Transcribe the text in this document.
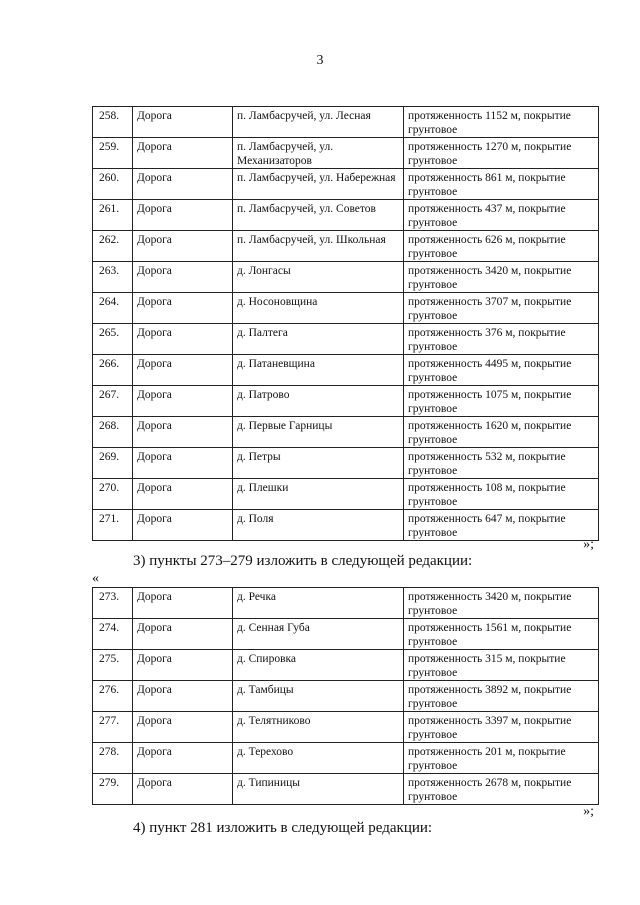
3
258.	Дорога	п. Ламбасручей, ул. Лесная	протяженность 1152 м, покрытие грунтовое
259.	Дорога	п. Ламбасручей, ул. Механизаторов	протяженность 1270 м, покрытие грунтовое
260.	Дорога	п. Ламбасручей, ул. Набережная	протяженность 861 м, покрытие грунтовое
261.	Дорога	п. Ламбасручей, ул. Советов	протяженность 437 м, покрытие грунтовое
262.	Дорога	п. Ламбасручей, ул. Школьная	протяженность 626 м, покрытие грунтовое
263.	Дорога	д. Лонгасы	протяженность 3420 м, покрытие грунтовое
264.	Дорога	д. Носоновщина	протяженность 3707 м, покрытие грунтовое
265.	Дорога	д. Палтега	протяженность 376 м, покрытие грунтовое
266.	Дорога	д. Патаневщина	протяженность 4495 м, покрытие грунтовое
267.	Дорога	д. Патрово	протяженность 1075 м, покрытие грунтовое
268.	Дорога	д. Первые Гарницы	протяженность 1620 м, покрытие грунтовое
269.	Дорога	д. Петры	протяженность 532 м, покрытие грунтовое
270.	Дорога	д. Плешки	протяженность 108 м, покрытие грунтовое
271.	Дорога	д. Поля	протяженность 647 м, покрытие грунтовое
»;
3) пункты 273–279 изложить в следующей редакции:
«
273.	Дорога	д. Речка	протяженность 3420 м, покрытие грунтовое
274.	Дорога	д. Сенная Губа	протяженность 1561 м, покрытие грунтовое
275.	Дорога	д. Спировка	протяженность 315 м, покрытие грунтовое
276.	Дорога	д. Тамбицы	протяженность 3892 м, покрытие грунтовое
277.	Дорога	д. Телятниково	протяженность 3397 м, покрытие грунтовое
278.	Дорога	д. Терехово	протяженность 201 м, покрытие грунтовое
279.	Дорога	д. Типиницы	протяженность 2678 м, покрытие грунтовое
»;
4) пункт 281 изложить в следующей редакции:
